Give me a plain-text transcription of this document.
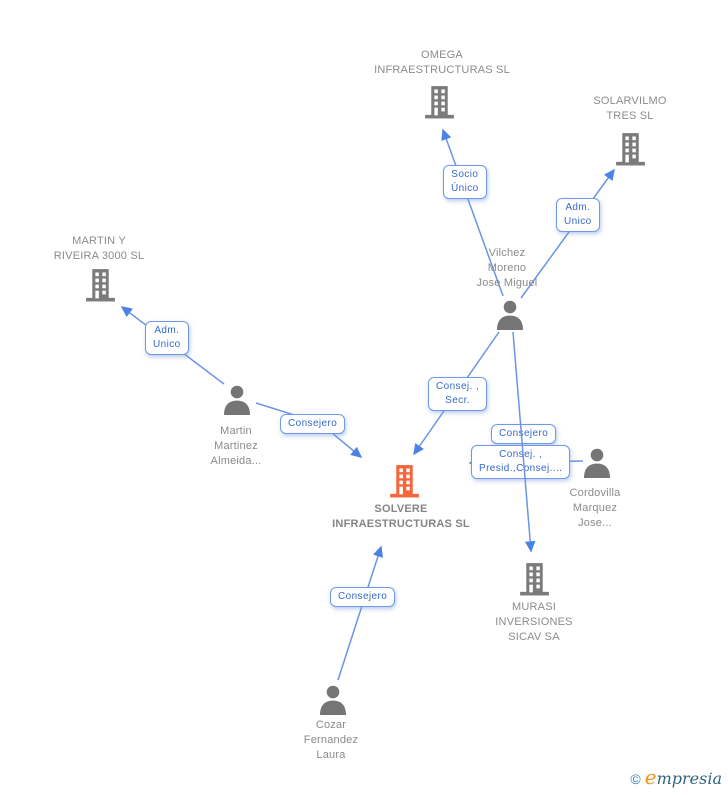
OMEGA
INFRAESTRUCTURAS SL
SOLARVILMO
TRES SL
MARTIN Y
RIVEIRA 3000 SL
SOLVERE
INFRAESTRUCTURAS SL
MURASI
INVERSIONES
SICAV SA
Vilchez
Moreno
Jose Miguel
Martin
Martinez
Almeida...
Cordovilla
Marquez
Jose...
Cozar
Fernandez
Laura
Socio
Único
Adm.
Unico
Adm.
Unico
Consej. ,
Secr.
Consejero
Consejero
Consej. ,
Presid.,Consej....
Consejero
© empresia
